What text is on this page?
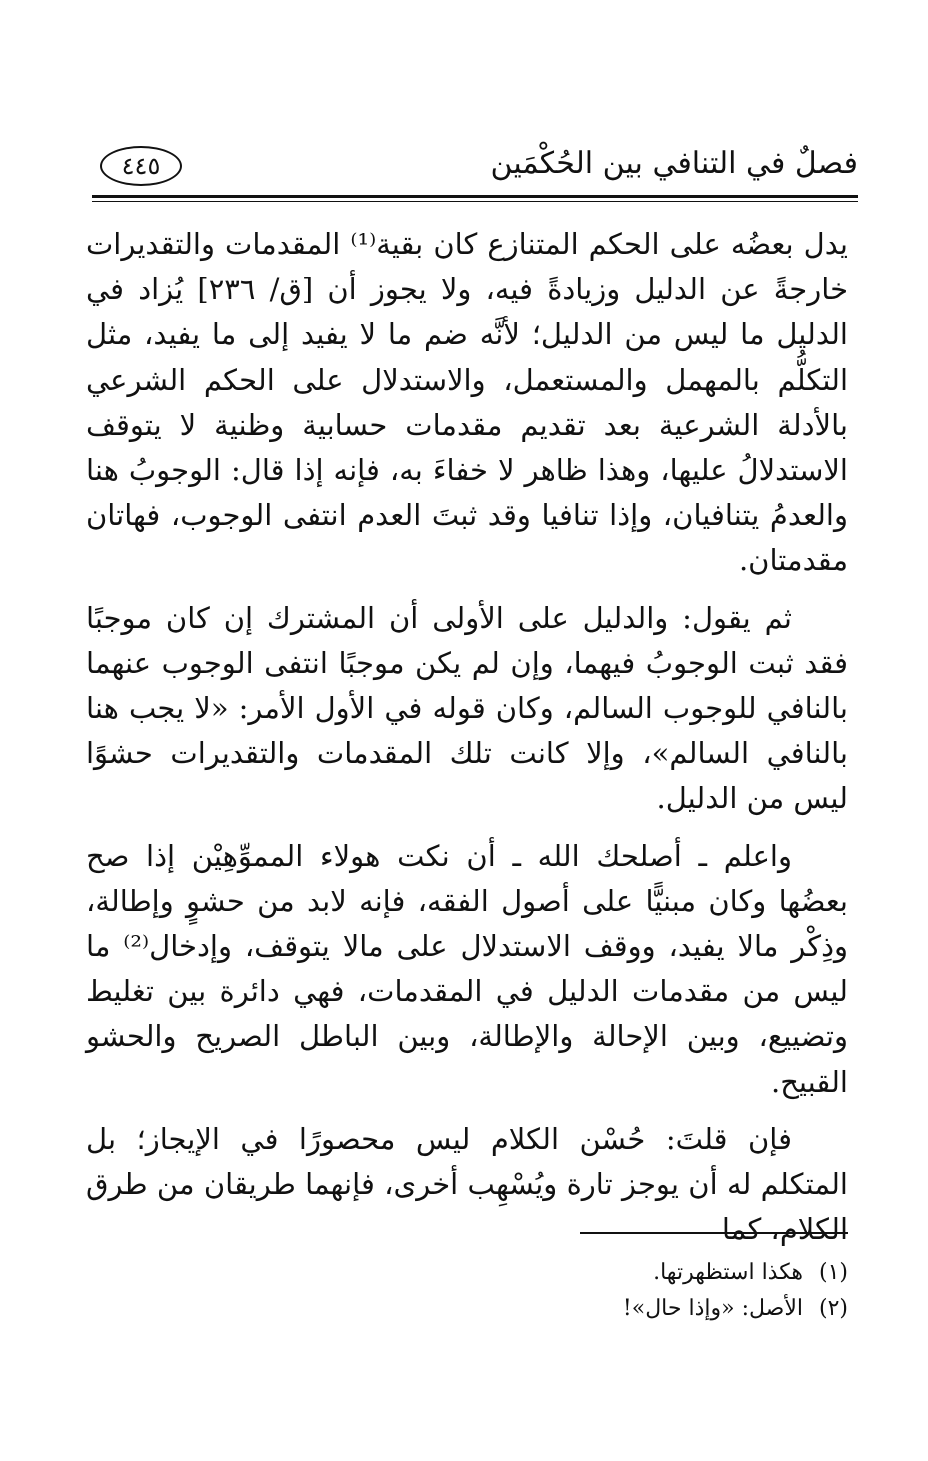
فصلٌ في التنافي بين الحُكْمَين
٤٤٥

يدل بعضُه على الحكم المتنازع كان بقية⁽¹⁾ المقدمات والتقديرات خارجةً عن الدليل وزيادةً فيه، ولا يجوز أن [ق/ ٢٣٦] يُزاد في الدليل ما ليس من الدليل؛ لأنَّه ضم ما لا يفيد إلى ما يفيد، مثل التكلُّم بالمهمل والمستعمل، والاستدلال على الحكم الشرعي بالأدلة الشرعية بعد تقديم مقدمات حسابية وظنية لا يتوقف الاستدلالُ عليها، وهذا ظاهر لا خفاءَ به، فإنه إذا قال: الوجوبُ هنا والعدمُ يتنافيان، وإذا تنافيا وقد ثبتَ العدم انتفى الوجوب، فهاتان مقدمتان.

ثم يقول: والدليل على الأولى أن المشترك إن كان موجبًا فقد ثبت الوجوبُ فيهما، وإن لم يكن موجبًا انتفى الوجوب عنهما بالنافي للوجوب السالم، وكان قوله في الأول الأمر: «لا يجب هنا بالنافي السالم»، وإلا كانت تلك المقدمات والتقديرات حشوًا ليس من الدليل.

واعلم ـ أصلحك الله ـ أن نكت هولاء المموِّهِيْن إذا صح بعضُها وكان مبنيًّا على أصول الفقه، فإنه لابد من حشوٍ وإطالة، وذِكْر مالا يفيد، ووقف الاستدلال على مالا يتوقف، وإدخال⁽²⁾ ما ليس من مقدمات الدليل في المقدمات، فهي دائرة بين تغليط وتضييع، وبين الإحالة والإطالة، وبين الباطل الصريح والحشو القبيح.

فإن قلتَ: حُسْن الكلام ليس محصورًا في الإيجاز؛ بل المتكلم له أن يوجز تارة ويُسْهِب أخرى، فإنهما طريقان من طرق الكلام، كما

(١)هكذا استظهرتها.
(٢)الأصل: «وإذا حال»!
